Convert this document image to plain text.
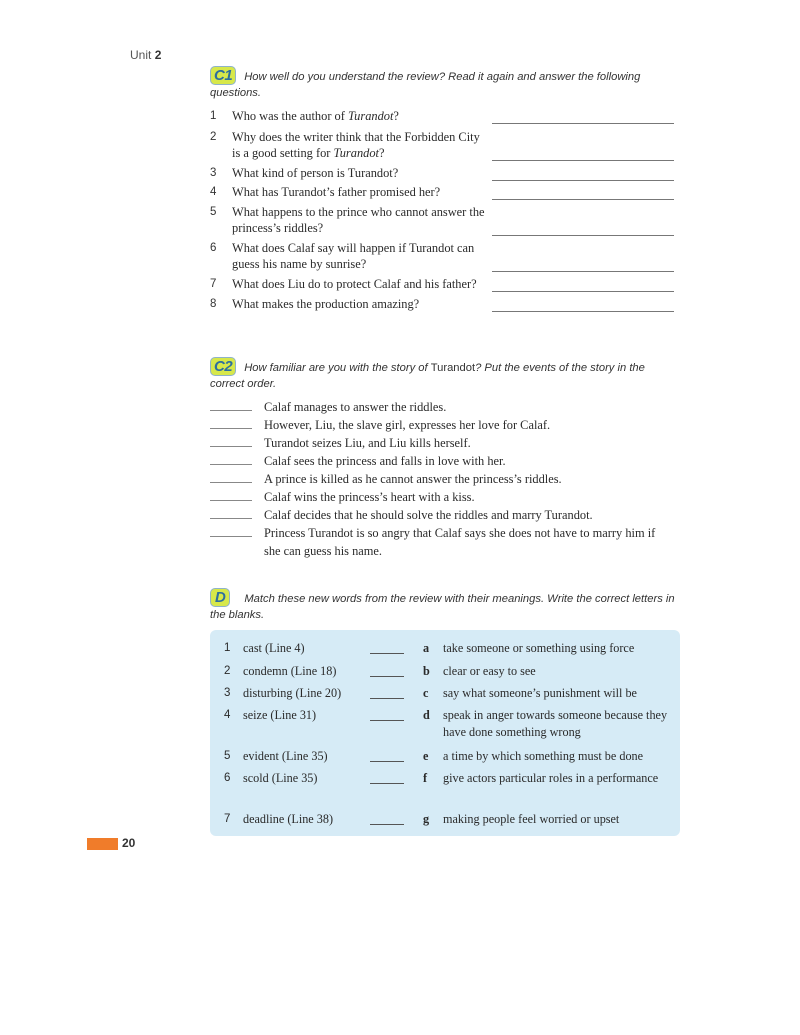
Unit 2
C1 How well do you understand the review? Read it again and answer the following questions.
1	Who was the author of Turandot?
2	Why does the writer think that the Forbidden City is a good setting for Turandot?
3	What kind of person is Turandot?
4	What has Turandot’s father promised her?
5	What happens to the prince who cannot answer the princess’s riddles?
6	What does Calaf say will happen if Turandot can guess his name by sunrise?
7	What does Liu do to protect Calaf and his father?
8	What makes the production amazing?
C2 How familiar are you with the story of Turandot? Put the events of the story in the correct order.
Calaf manages to answer the riddles.
However, Liu, the slave girl, expresses her love for Calaf.
Turandot seizes Liu, and Liu kills herself.
Calaf sees the princess and falls in love with her.
A prince is killed as he cannot answer the princess’s riddles.
Calaf wins the princess’s heart with a kiss.
Calaf decides that he should solve the riddles and marry Turandot.
Princess Turandot is so angry that Calaf says she does not have to marry him if she can guess his name.
D Match these new words from the review with their meanings. Write the correct letters in the blanks.
1 cast (Line 4)	a take someone or something using force
2 condemn (Line 18)	b clear or easy to see
3 disturbing (Line 20)	c say what someone’s punishment will be
4 seize (Line 31)	d speak in anger towards someone because they have done something wrong
5 evident (Line 35)	e a time by which something must be done
6 scold (Line 35)	f give actors particular roles in a performance
7 deadline (Line 38)	g making people feel worried or upset
20
